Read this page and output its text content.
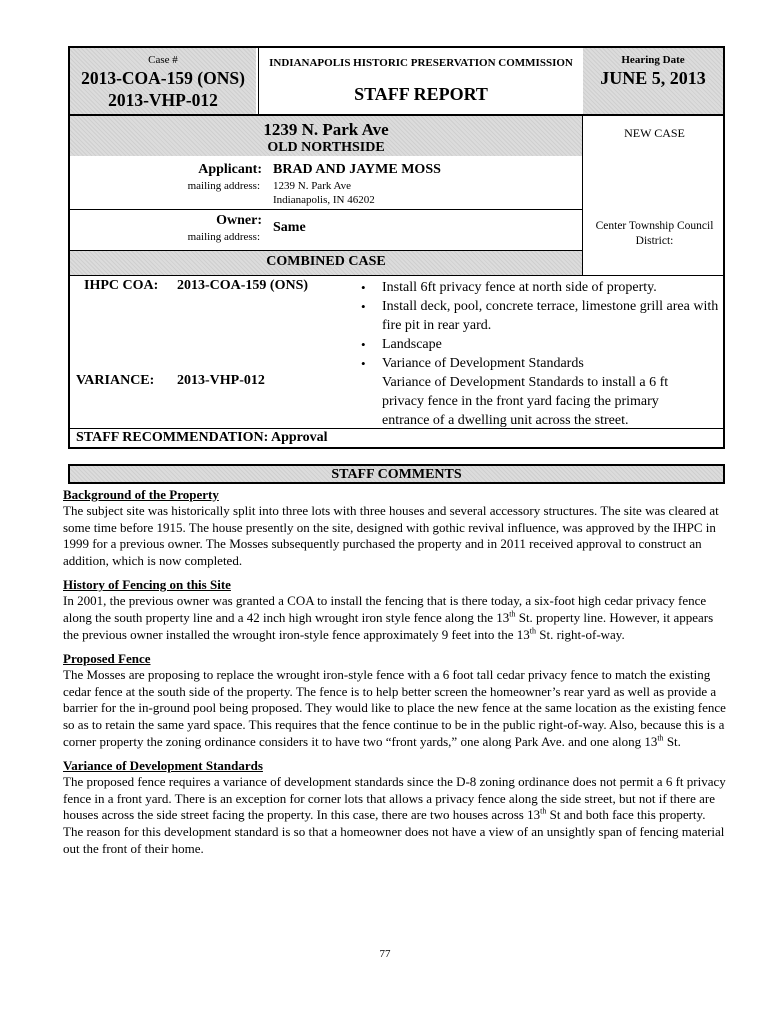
Case #
2013-COA-159 (ONS)
2013-VHP-012
INDIANAPOLIS HISTORIC PRESERVATION COMMISSION
STAFF REPORT
Hearing Date
JUNE 5, 2013
1239 N. Park Ave
OLD NORTHSIDE
NEW CASE
Center Township Council District:
Applicant: BRAD AND JAYME MOSS
mailing address: 1239 N. Park Ave
Indianapolis, IN 46202
Owner: Same
mailing address:
COMBINED CASE
IHPC COA: 2013-COA-159 (ONS)
•	Install 6ft privacy fence at north side of property.
• Install deck, pool, concrete terrace, limestone grill area with fire pit in rear yard.
• Landscape
• Variance of Development Standards
VARIANCE: 2013-VHP-012	Variance of Development Standards to install a 6 ft privacy fence in the front yard facing the primary entrance of a dwelling unit across the street.
STAFF RECOMMENDATION: Approval
STAFF COMMENTS
Background of the Property

The subject site was historically split into three lots with three houses and several accessory structures. The site was cleared at some time before 1915. The house presently on the site, designed with gothic revival influence, was approved by the IHPC in 1999 for a previous owner. The Mosses subsequently purchased the property and in 2011 received approval to construct an addition, which is now completed.

History of Fencing on this Site

In 2001, the previous owner was granted a COA to install the fencing that is there today, a six-foot high cedar privacy fence along the south property line and a 42 inch high wrought iron style fence along the 13th St. property line. However, it appears the previous owner installed the wrought iron-style fence approximately 9 feet into the 13th St. right-of-way.

Proposed Fence

The Mosses are proposing to replace the wrought iron-style fence with a 6 foot tall cedar privacy fence to match the existing cedar fence at the south side of the property. The fence is to help better screen the homeowner’s rear yard as well as provide a barrier for the in-ground pool being proposed. They would like to place the new fence at the same location as the existing fence so as to retain the same yard space. This requires that the fence continue to be in the public right-of-way. Also, because this is a corner property the zoning ordinance considers it to have two “front yards,” one along Park Ave. and one along 13th St.

Variance of Development Standards

The proposed fence requires a variance of development standards since the D-8 zoning ordinance does not permit a 6 ft privacy fence in a front yard. There is an exception for corner lots that allows a privacy fence along the side street, but not if there are houses across the side street facing the property. In this case, there are two houses across 13th St and both face this property. The reason for this development standard is so that a homeowner does not have a view of an unsightly span of fencing material out the front of their home.

77
